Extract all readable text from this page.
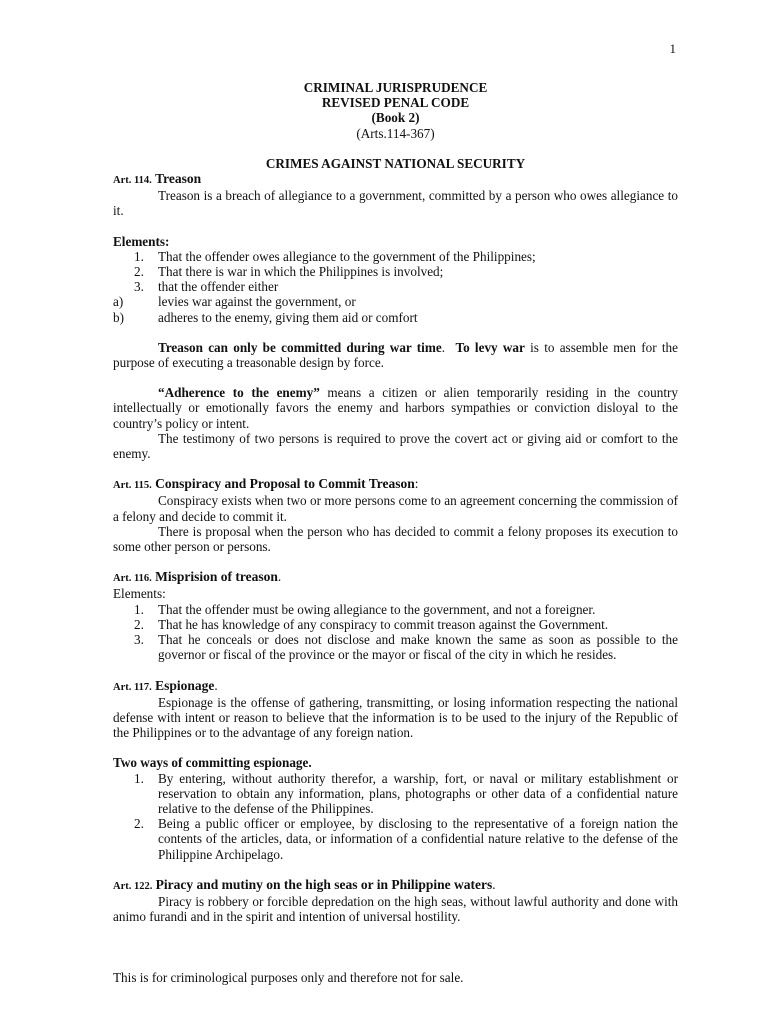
1
CRIMINAL JURISPRUDENCE
REVISED PENAL CODE
(Book 2)
(Arts.114-367)
CRIMES AGAINST NATIONAL SECURITY
Art. 114. Treason

Treason is a breach of allegiance to a government, committed by a person who owes allegiance to it.

Elements:
1.	That the offender owes allegiance to the government of the Philippines;
2.	That there is war in which the Philippines is involved;
3.	that the offender either
a)	levies war against the government, or
b)	adheres to the enemy, giving them aid or comfort

Treason can only be committed during war time.  To levy war is to assemble men for the purpose of executing a treasonable design by force.

“Adherence to the enemy” means a citizen or alien temporarily residing in the country intellectually or emotionally favors the enemy and harbors sympathies or conviction disloyal to the country’s policy or intent.

The testimony of two persons is required to prove the covert act or giving aid or comfort to the enemy.

Art. 115. Conspiracy and Proposal to Commit Treason:

Conspiracy exists when two or more persons come to an agreement concerning the commission of a felony and decide to commit it.

There is proposal when the person who has decided to commit a felony proposes its execution to some other person or persons.

Art. 116. Misprision of treason.
Elements:
1.	That the offender must be owing allegiance to the government, and not a foreigner.
2.	That he has knowledge of any conspiracy to commit treason against the Government.
3.	That he conceals or does not disclose and make known the same as soon as possible to the governor or fiscal of the province or the mayor or fiscal of the city in which he resides.
Art. 117. Espionage.

Espionage is the offense of gathering, transmitting, or losing information respecting the national defense with intent or reason to believe that the information is to be used to the injury of the Republic of the Philippines or to the advantage of any foreign nation.

Two ways of committing espionage.
1.	By entering, without authority therefor, a warship, fort, or naval or military establishment or reservation to obtain any information, plans, photographs or other data of a confidential nature relative to the defense of the Philippines.
2.	Being a public officer or employee, by disclosing to the representative of a foreign nation the contents of the articles, data, or information of a confidential nature relative to the defense of the Philippine Archipelago.
Art. 122. Piracy and mutiny on the high seas or in Philippine waters.

Piracy is robbery or forcible depredation on the high seas, without lawful authority and done with animo furandi and in the spirit and intention of universal hostility.

This is for criminological purposes only and therefore not for sale.
